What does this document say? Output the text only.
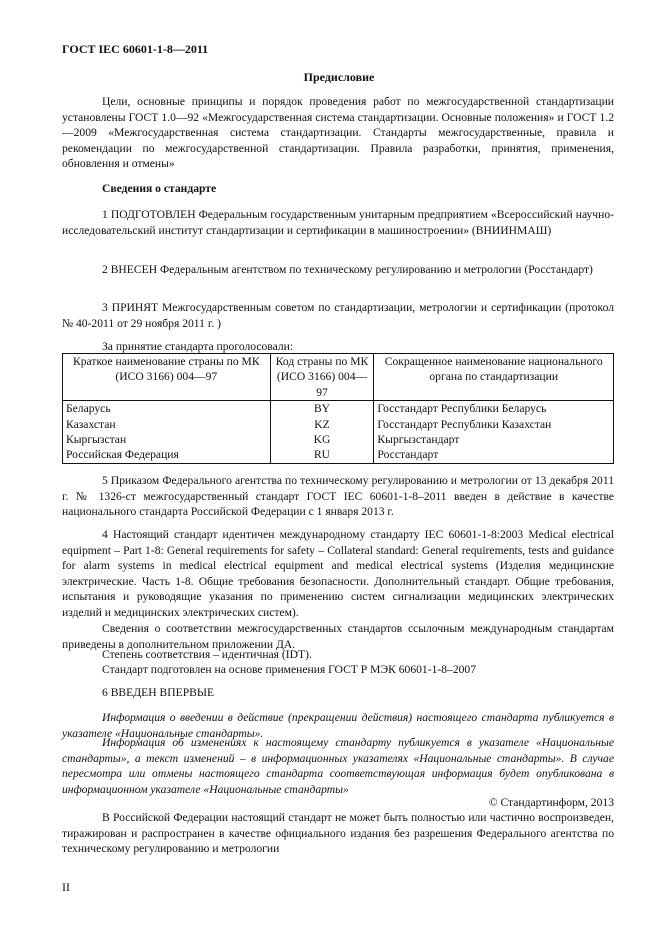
ГОСТ IEC 60601-1-8—2011
Предисловие

Цели, основные принципы и порядок проведения работ по межгосударственной стандартизации установлены ГОСТ 1.0—92 «Межгосударственная система стандартизации. Основные положения» и ГОСТ 1.2—2009 «Межгосударственная система стандартизации. Стандарты межгосударственные, правила и рекомендации по межгосударственной стандартизации. Правила разработки, принятия, применения, обновления и отмены»

Сведения о стандарте

1 ПОДГОТОВЛЕН Федеральным государственным унитарным предприятием «Всероссийский научно-исследовательский институт стандартизации и сертификации в машиностроении» (ВНИИНМАШ)

2 ВНЕСЕН Федеральным агентством по техническому регулированию и метрологии (Росстандарт)

3 ПРИНЯТ Межгосударственным советом по стандартизации, метрологии и сертификации (протокол № 40-2011 от 29 ноября 2011 г. )

За принятие стандарта проголосовали:

Краткое наименование страны по МК (ИСО 3166) 004—97	Код страны по МК (ИСО 3166) 004—97	Сокращенное наименование национального органа по стандартизации
Беларусь	BY	Госстандарт Республики Беларусь
Казахстан	KZ	Госстандарт Республики Казахстан
Кыргызстан	KG	Кыргызстандарт
Российская Федерация	RU	Росстандарт

5 Приказом Федерального агентства по техническому регулированию и метрологии от 13 декабря 2011 г. № 1326-ст межгосударственный стандарт ГОСТ IEC 60601-1-8–2011 введен в действие в качестве национального стандарта Российской Федерации с 1 января 2013 г.

4 Настоящий стандарт идентичен международному стандарту IEC 60601-1-8:2003 Medical electrical equipment – Part 1-8: General requirements for safety – Collateral standard: General requirements, tests and guidance for alarm systems in medical electrical equipment and medical electrical systems (Изделия медицинские электрические. Часть 1-8. Общие требования безопасности. Дополнительный стандарт. Общие требования, испытания и руководящие указания по применению систем сигнализации медицинских электрических изделий и медицинских электрических систем).

Сведения о соответствии межгосударственных стандартов ссылочным международным стандартам приведены в дополнительном приложении ДА.

Степень соответствия – идентичная (IDT).

Стандарт подготовлен на основе применения ГОСТ Р МЭК 60601-1-8–2007

6 ВВЕДЕН ВПЕРВЫЕ

Информация о введении в действие (прекращении действия) настоящего стандарта публикуется в указателе «Национальные стандарты».

Информация об изменениях к настоящему стандарту публикуется в указателе «Национальные стандарты», а текст изменений – в информационных указателях «Национальные стандарты». В случае пересмотра или отмены настоящего стандарта соответствующая информация будет опубликована в информационном указателе «Национальные стандарты»

© Стандартинформ, 2013

В Российской Федерации настоящий стандарт не может быть полностью или частично воспроизведен, тиражирован и распространен в качестве официального издания без разрешения Федерального агентства по техническому регулированию и метрологии

II
